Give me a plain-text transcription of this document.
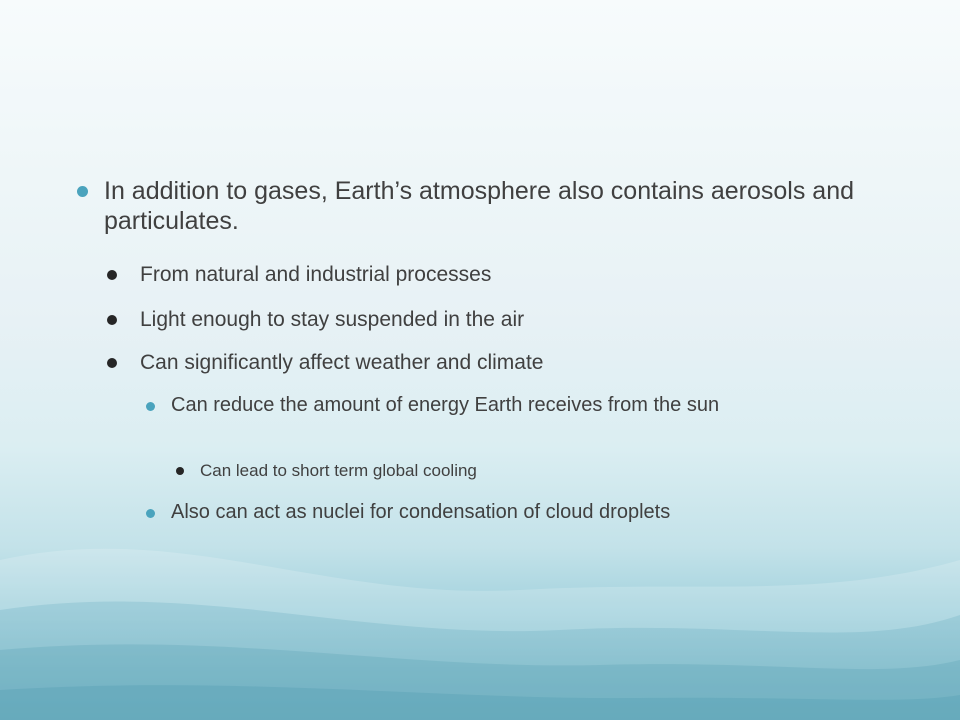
In addition to gases, Earth’s atmosphere also contains aerosols and particulates.
From natural and industrial processes
Light enough to stay suspended in the air
Can significantly affect weather and climate
Can reduce the amount of energy Earth receives from the sun
Can lead to short term global cooling
Also can act as nuclei for condensation of cloud droplets
